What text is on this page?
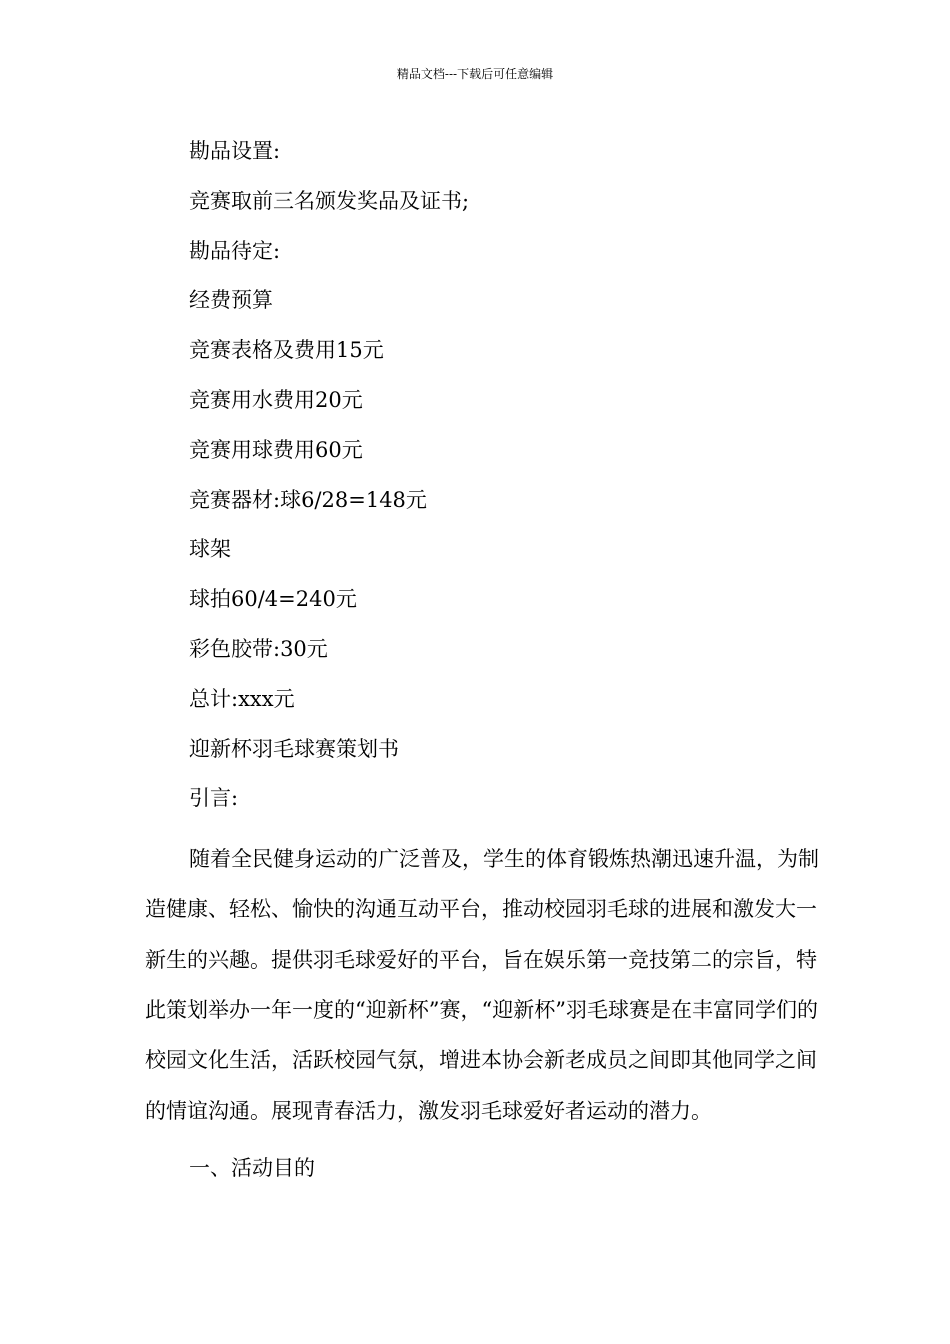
精品文档---下载后可任意编辑

勘品设置:

竞赛取前三名颁发奖品及证书;

勘品待定:

经费预算

竞赛表格及费用15元

竞赛用水费用20元

竞赛用球费用60元

竞赛器材:球6/28=148元

球架

球拍60/4=240元

彩色胶带:30元

总计:xxx元

迎新杯羽毛球赛策划书

引言:

随着全民健身运动的广泛普及，学生的体育锻炼热潮迅速升温，为制造健康、轻松、愉快的沟通互动平台，推动校园羽毛球的进展和激发大一新生的兴趣。提供羽毛球爱好的平台，旨在娱乐第一竞技第二的宗旨，特此策划举办一年一度的“迎新杯”赛，“迎新杯”羽毛球赛是在丰富同学们的校园文化生活，活跃校园气氛，增进本协会新老成员之间即其他同学之间的情谊沟通。展现青春活力，激发羽毛球爱好者运动的潜力。

一、活动目的
